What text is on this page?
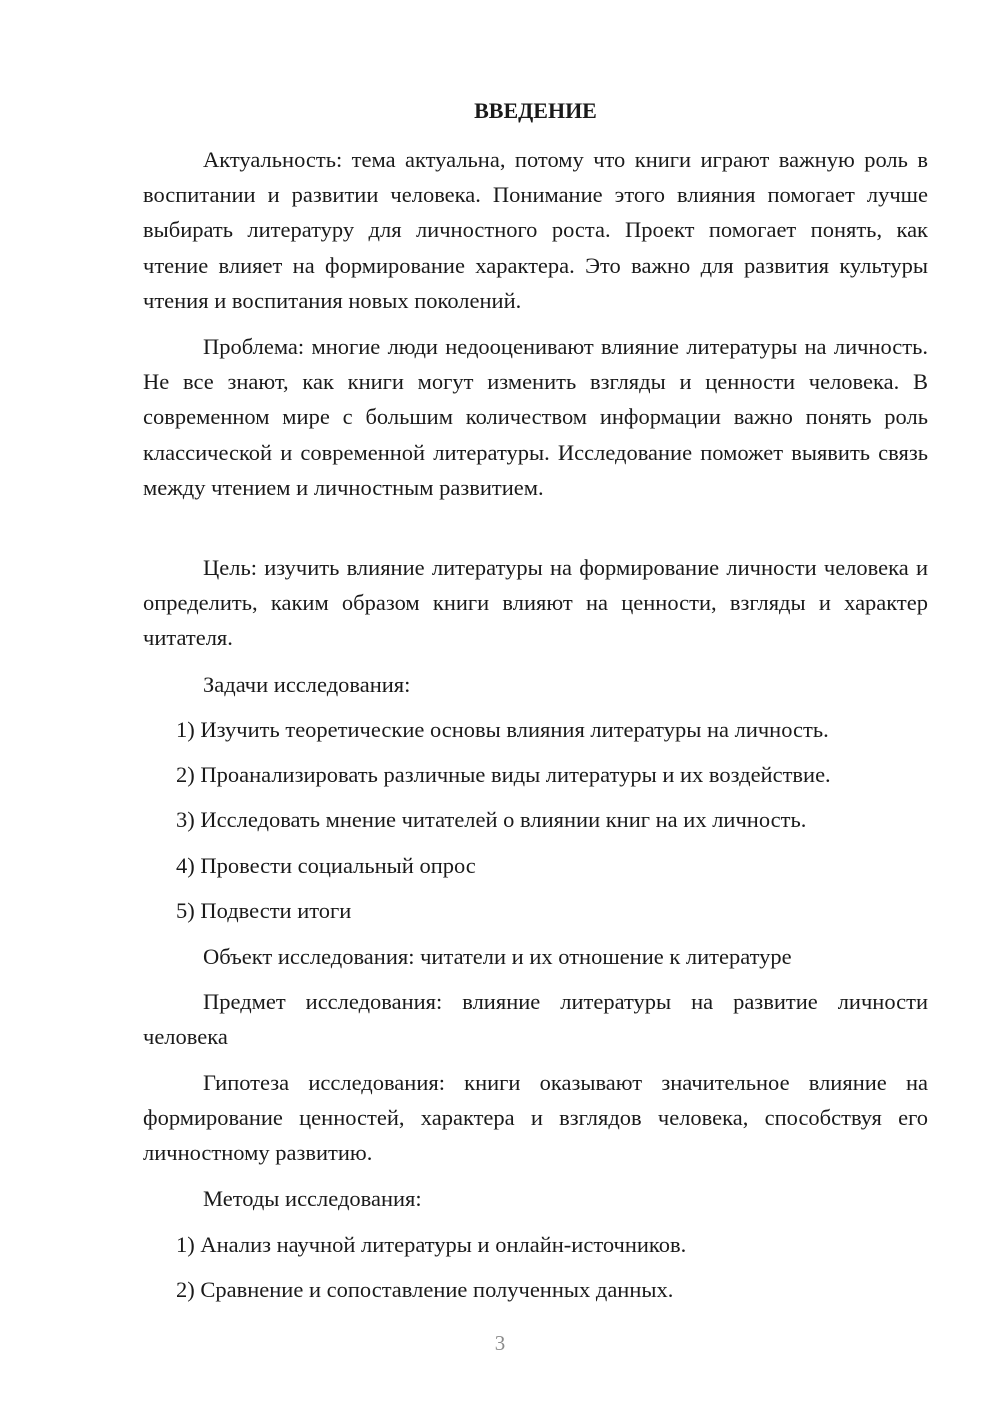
ВВЕДЕНИЕ
Актуальность: тема актуальна, потому что книги играют важную роль в воспитании и развитии человека. Понимание этого влияния помогает лучше выбирать литературу для личностного роста. Проект помогает понять, как чтение влияет на формирование характера. Это важно для развития культуры чтения и воспитания новых поколений.
Проблема: многие люди недооценивают влияние литературы на личность. Не все знают, как книги могут изменить взгляды и ценности человека. В современном мире с большим количеством информации важно понять роль классической и современной литературы. Исследование поможет выявить связь между чтением и личностным развитием.
Цель: изучить влияние литературы на формирование личности человека и определить, каким образом книги влияют на ценности, взгляды и характер читателя.
Задачи исследования:
1) Изучить теоретические основы влияния литературы на личность.
2) Проанализировать различные виды литературы и их воздействие.
3) Исследовать мнение читателей о влиянии книг на их личность.
4) Провести социальный опрос
5) Подвести итоги
Объект исследования: читатели и их отношение к литературе
Предмет исследования: влияние литературы на развитие личности человека
Гипотеза исследования: книги оказывают значительное влияние на формирование ценностей, характера и взглядов человека, способствуя его личностному развитию.
Методы исследования:
1) Анализ научной литературы и онлайн-источников.
2) Сравнение и сопоставление полученных данных.
3
